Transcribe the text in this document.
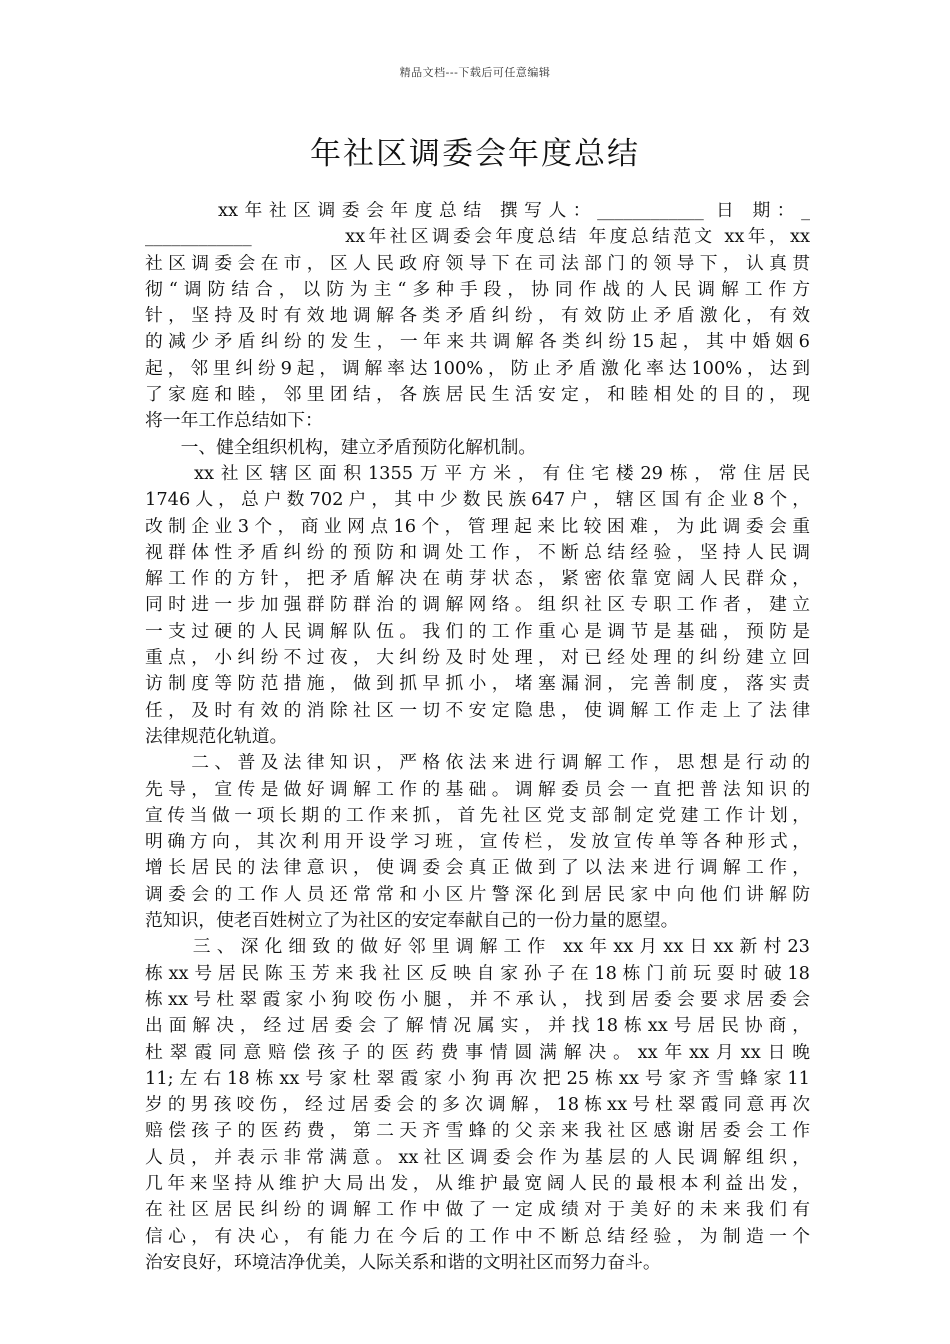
精品文档---下载后可任意编辑
年社区调委会年度总结
　　　xx年社区调委会年度总结 撰写人：____________ 日 期：_
____________ 　　　　xx年社区调委会年度总结 年度总结范文 xx年，xx
社区调委会在市，区人民政府领导下在司法部门的领导下，认真贯
彻“调防结合，以防为主“多种手段，协同作战的人民调解工作方
针，坚持及时有效地调解各类矛盾纠纷，有效防止矛盾激化，有效
的减少矛盾纠纷的发生，一年来共调解各类纠纷15起，其中婚姻6
起，邻里纠纷9起，调解率达100%，防止矛盾激化率达100%，达到
了家庭和睦，邻里团结，各族居民生活安定，和睦相处的目的，现
将一年工作总结如下：
　　一、健全组织机构，建立矛盾预防化解机制。
　　xx社区辖区面积1355万平方米，有住宅楼29栋，常住居民
1746人，总户数702户，其中少数民族647户，辖区国有企业8个，
改制企业3个，商业网点16个，管理起来比较困难，为此调委会重
视群体性矛盾纠纷的预防和调处工作，不断总结经验，坚持人民调
解工作的方针，把矛盾解决在萌芽状态，紧密依靠宽阔人民群众，
同时进一步加强群防群治的调解网络。组织社区专职工作者，建立
一支过硬的人民调解队伍。我们的工作重心是调节是基础，预防是
重点，小纠纷不过夜，大纠纷及时处理，对已经处理的纠纷建立回
访制度等防范措施，做到抓早抓小，堵塞漏洞，完善制度，落实责
任，及时有效的消除社区一切不安定隐患，使调解工作走上了法律
法律规范化轨道。
　　二、普及法律知识，严格依法来进行调解工作，思想是行动的
先导，宣传是做好调解工作的基础。调解委员会一直把普法知识的
宣传当做一项长期的工作来抓，首先社区党支部制定党建工作计划，
明确方向，其次利用开设学习班，宣传栏，发放宣传单等各种形式，
增长居民的法律意识，使调委会真正做到了以法来进行调解工作，
调委会的工作人员还常常和小区片警深化到居民家中向他们讲解防
范知识，使老百姓树立了为社区的安定奉献自己的一份力量的愿望。
　　三、深化细致的做好邻里调解工作 xx年xx月xx日xx新村23
栋xx号居民陈玉芳来我社区反映自家孙子在18栋门前玩耍时破18
栋xx号杜翠霞家小狗咬伤小腿，并不承认，找到居委会要求居委会
出面解决，经过居委会了解情况属实，并找18栋xx号居民协商，
杜翠霞同意赔偿孩子的医药费事情圆满解决。xx年xx月xx日晚
11;左右18栋xx号家杜翠霞家小狗再次把25栋xx号家齐雪蜂家11
岁的男孩咬伤，经过居委会的多次调解，18栋xx号杜翠霞同意再次
赔偿孩子的医药费，第二天齐雪蜂的父亲来我社区感谢居委会工作
人员，并表示非常满意。xx社区调委会作为基层的人民调解组织，
几年来坚持从维护大局出发，从维护最宽阔人民的最根本利益出发，
在社区居民纠纷的调解工作中做了一定成绩对于美好的未来我们有
信心，有决心，有能力在今后的工作中不断总结经验，为制造一个
治安良好，环境洁净优美，人际关系和谐的文明社区而努力奋斗。
